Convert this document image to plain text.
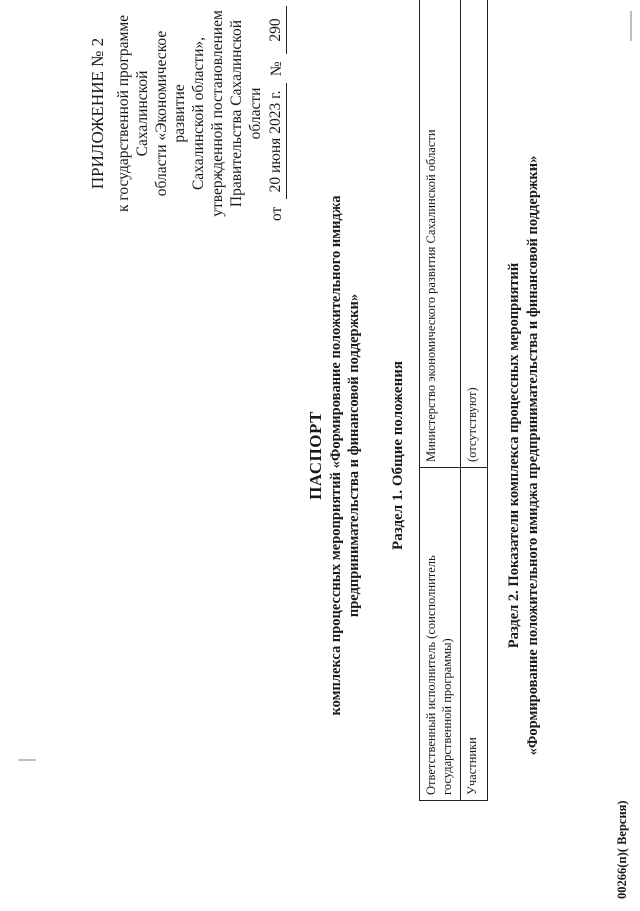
ПРИЛОЖЕНИЕ № 2 к государственной программе Сахалинской области «Экономическое развитие Сахалинской области», утвержденной постановлением Правительства Сахалинской области
от
20 июня 2023 г.
№
290
ПАСПОРТ комплекса процессных мероприятий «Формирование положительного имиджа предпринимательства и финансовой поддержки» Раздел 1. Общие положения
Ответственный исполнитель (соисполнитель государственной программы)	Министерство экономического развития Сахалинской области
Участники	(отсутствуют) Раздел 2. Показатели комплекса процессных мероприятий «Формирование положительного имиджа предпринимательства и финансовой поддержки»
00266(п)( Версия)
